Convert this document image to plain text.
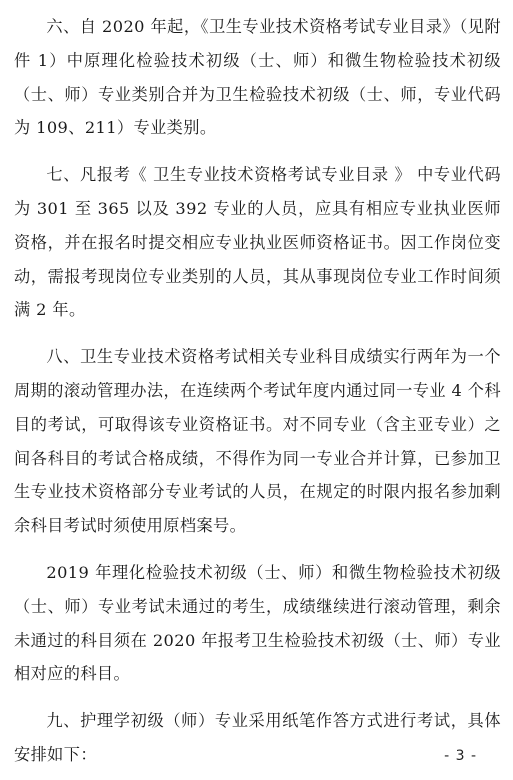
六、自 2020 年起，《卫生专业技术资格考试专业目录》（见附件 1）中原理化检验技术初级（士、师）和微生物检验技术初级（士、师）专业类别合并为卫生检验技术初级（士、师，专业代码为 109、211）专业类别。

七、凡报考《 卫生专业技术资格考试专业目录 》 中专业代码为 301 至 365 以及 392 专业的人员，应具有相应专业执业医师资格，并在报名时提交相应专业执业医师资格证书。因工作岗位变动，需报考现岗位专业类别的人员，其从事现岗位专业工作时间须满 2 年。

八、卫生专业技术资格考试相关专业科目成绩实行两年为一个周期的滚动管理办法，在连续两个考试年度内通过同一专业 4 个科目的考试，可取得该专业资格证书。对不同专业（含主亚专业）之间各科目的考试合格成绩，不得作为同一专业合并计算，已参加卫生专业技术资格部分专业考试的人员，在规定的时限内报名参加剩余科目考试时须使用原档案号。

2019 年理化检验技术初级（士、师）和微生物检验技术初级（士、师）专业考试未通过的考生，成绩继续进行滚动管理，剩余未通过的科目须在 2020 年报考卫生检验技术初级（士、师）专业相对应的科目。

九、护理学初级（师）专业采用纸笔作答方式进行考试，具体安排如下：	- 3 -
